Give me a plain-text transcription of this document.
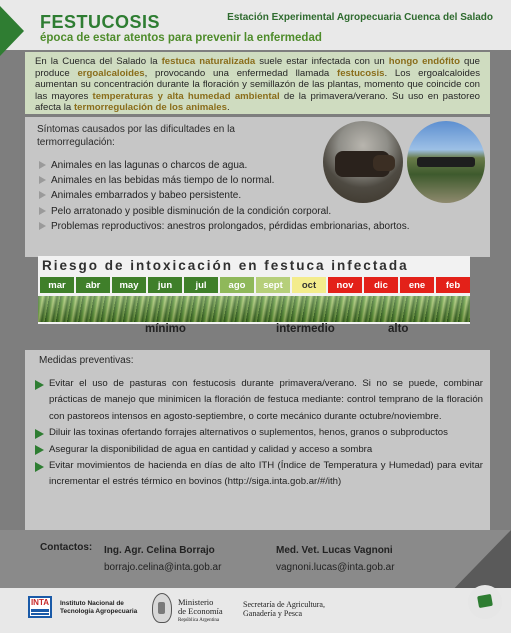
FESTUCOSIS
época de estar atentos para prevenir la enfermedad
Estación Experimental Agropecuaria Cuenca del Salado
En la Cuenca del Salado la festuca naturalizada suele estar infectada con un hongo endófito que produce ergoalcaloides, provocando una enfermedad llamada festucosis. Los ergoalcaloides aumentan su concentración durante la floración y semillazón de las plantas, momento que coincide con las mayores temperaturas y alta humedad ambiental de la primavera/verano. Su uso en pastoreo afecta la termorregulación de los animales.
Síntomas causados por las dificultades en la termorregulación:
Animales en las lagunas o charcos de agua.
Animales en las bebidas más tiempo de lo normal.
Animales embarrados y babeo persistente.
Pelo arratonado y posible disminución de la condición corporal.
Problemas reproductivos: anestros prolongados, pérdidas embrionarias, abortos.
Riesgo de intoxicación en festuca infectada
mar	abr	may	jun	jul	ago	sept	oct	nov	dic	ene	feb
mínimo	intermedio	alto
Medidas preventivas:
Evitar el uso de pasturas con festucosis durante primavera/verano. Si no se puede, combinar prácticas de manejo que minimicen la floración de festuca mediante: control temprano de la floración con pastoreos intensos en agosto-septiembre, o corte mecánico durante octubre/noviembre.
Diluir las toxinas ofertando forrajes alternativos o suplementos, henos, granos o subproductos
Asegurar la disponibilidad de agua en cantidad y calidad y acceso a sombra
Evitar movimientos de hacienda en días de alto ITH (Índice de Temperatura y Humedad) para evitar incrementar el estrés térmico en bovinos (http://siga.inta.gob.ar/#/ith)
Contactos: Ing. Agr. Celina Borrajo
borrajo.celina@inta.gob.ar
Med. Vet. Lucas Vagnoni
vagnoni.lucas@inta.gob.ar
INTA Instituto Nacional de
Tecnología Agropecuaria
Ministerio
de Economía
República Argentina
Secretaría de Agricultura,
Ganadería y Pesca
